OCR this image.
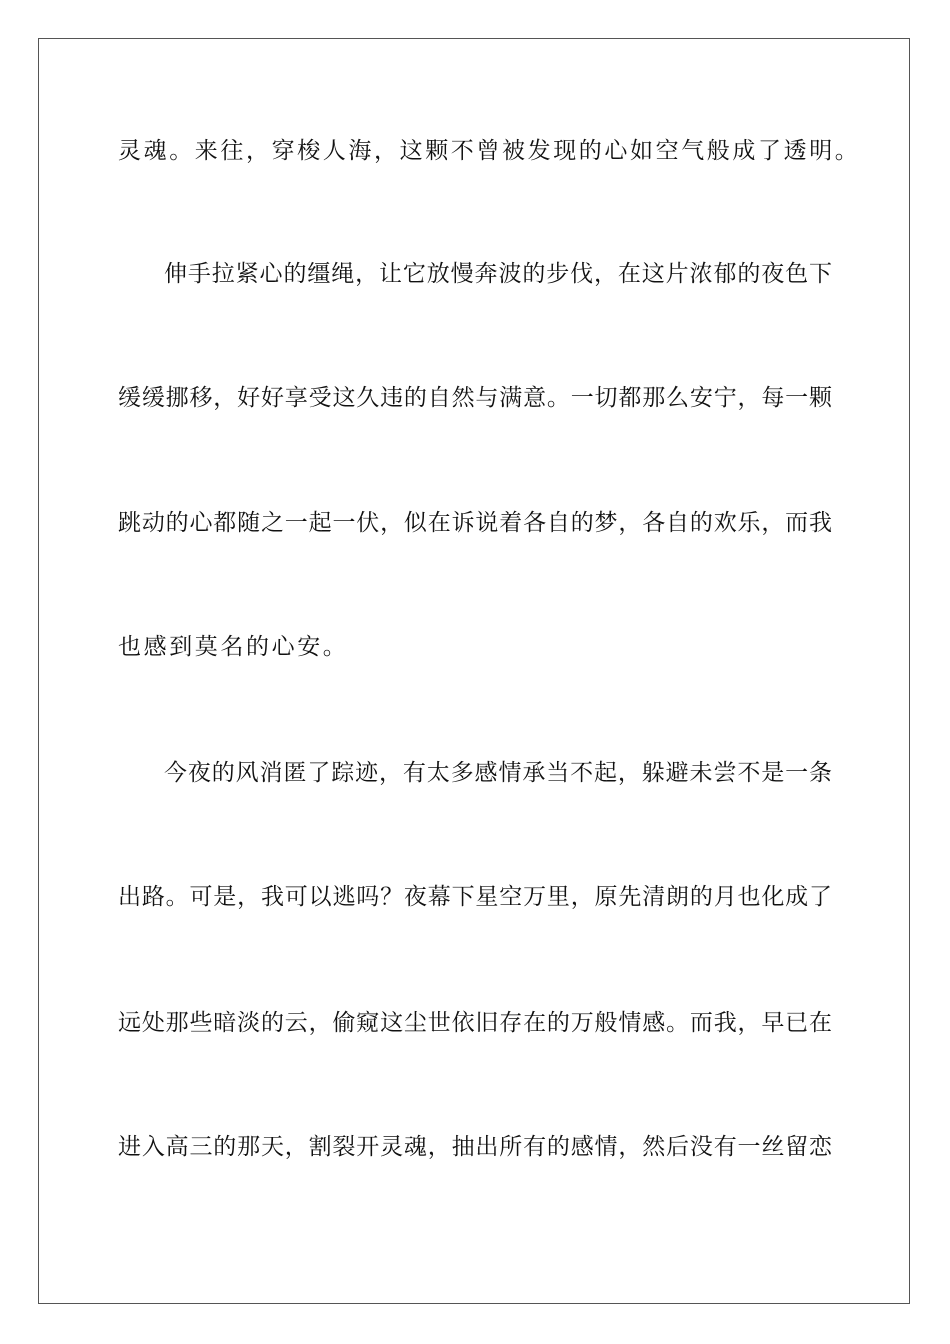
灵魂。来往，穿梭人海，这颗不曾被发现的心如空气般成了透明。
伸手拉紧心的缰绳，让它放慢奔波的步伐，在这片浓郁的夜色下
缓缓挪移，好好享受这久违的自然与满意。一切都那么安宁，每一颗
跳动的心都随之一起一伏，似在诉说着各自的梦，各自的欢乐，而我
也感到莫名的心安。
今夜的风消匿了踪迹，有太多感情承当不起，躲避未尝不是一条
出路。可是，我可以逃吗？夜幕下星空万里，原先清朗的月也化成了
远处那些暗淡的云，偷窥这尘世依旧存在的万般情感。而我，早已在
进入高三的那天，割裂开灵魂，抽出所有的感情，然后没有一丝留恋
